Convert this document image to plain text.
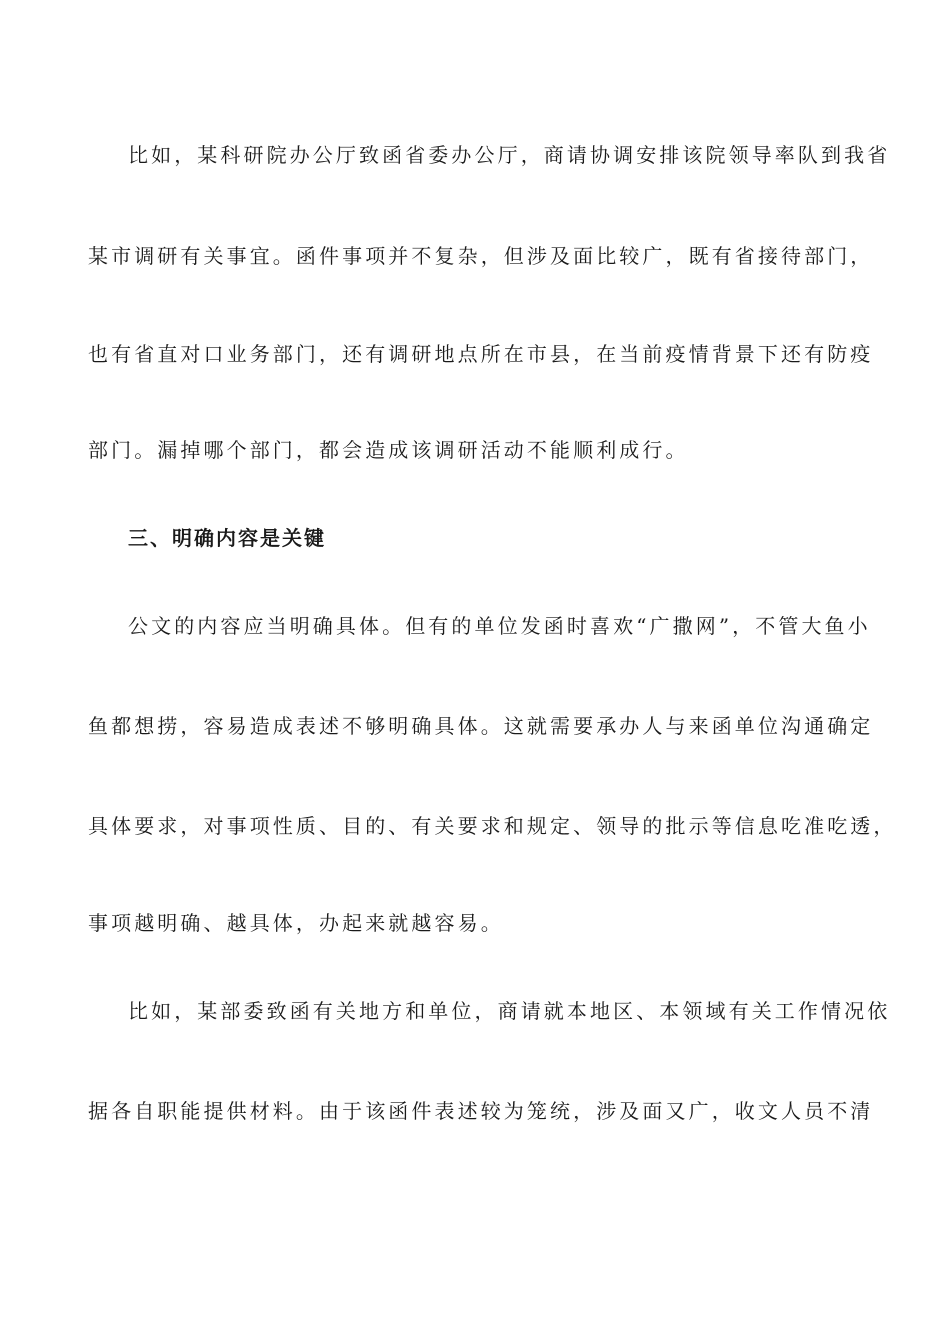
比如，某科研院办公厅致函省委办公厅，商请协调安排该院领导率队到我省
某市调研有关事宜。函件事项并不复杂，但涉及面比较广，既有省接待部门，
也有省直对口业务部门，还有调研地点所在市县，在当前疫情背景下还有防疫
部门。漏掉哪个部门，都会造成该调研活动不能顺利成行。
三、明确内容是关键
公文的内容应当明确具体。但有的单位发函时喜欢“广撒网”，不管大鱼小
鱼都想捞，容易造成表述不够明确具体。这就需要承办人与来函单位沟通确定
具体要求，对事项性质、目的、有关要求和规定、领导的批示等信息吃准吃透，
事项越明确、越具体，办起来就越容易。
比如，某部委致函有关地方和单位，商请就本地区、本领域有关工作情况依
据各自职能提供材料。由于该函件表述较为笼统，涉及面又广，收文人员不清
